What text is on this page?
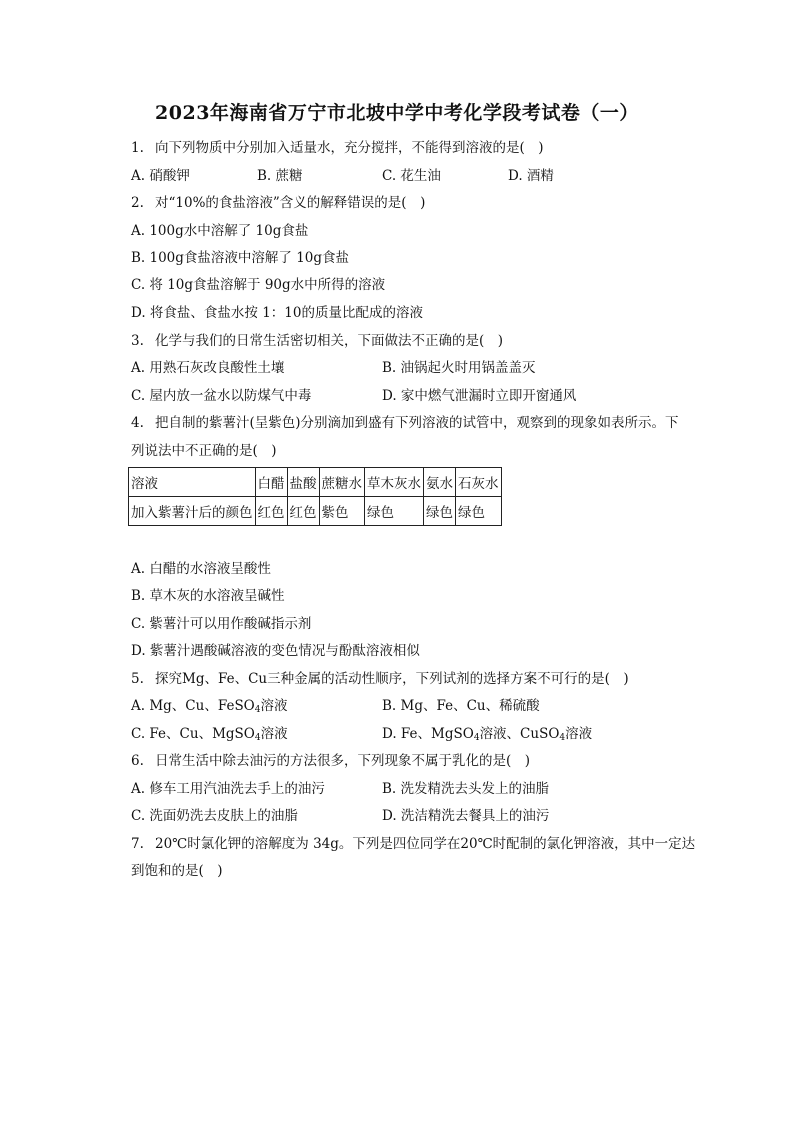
2023年海南省万宁市北坡中学中考化学段考试卷（一）
1. 向下列物质中分别加入适量水，充分搅拌，不能得到溶液的是(　)
A. 硝酸钾	B. 蔗糖	C. 花生油	D. 酒精
2. 对“10%的食盐溶液”含义的解释错误的是(　)
A. 100g水中溶解了 10g食盐
B. 100g食盐溶液中溶解了 10g食盐
C. 将 10g食盐溶解于 90g水中所得的溶液
D. 将食盐、食盐水按 1：10的质量比配成的溶液
3. 化学与我们的日常生活密切相关，下面做法不正确的是(　)
A. 用熟石灰改良酸性土壤	B. 油锅起火时用锅盖盖灭
C. 屋内放一盆水以防煤气中毒	D. 家中燃气泄漏时立即开窗通风
4. 把自制的紫薯汁(呈紫色)分别滴加到盛有下列溶液的试管中，观察到的现象如表所示。下
列说法中不正确的是(　)
溶液	白醋	盐酸	蔗糖水	草木灰水	氨水	石灰水
加入紫薯汁后的颜色	红色	红色	紫色	绿色	绿色	绿色
A. 白醋的水溶液呈酸性
B. 草木灰的水溶液呈碱性
C. 紫薯汁可以用作酸碱指示剂
D. 紫薯汁遇酸碱溶液的变色情况与酚酞溶液相似
5. 探究Mg、Fe、Cu三种金属的活动性顺序，下列试剂的选择方案不可行的是(　)
A. Mg、Cu、FeSO$_4$溶液	B. Mg、Fe、Cu、稀硫酸
C. Fe、Cu、MgSO$_4$溶液	D. Fe、MgSO$_4$溶液、CuSO$_4$溶液
6. 日常生活中除去油污的方法很多，下列现象不属于乳化的是(　)
A. 修车工用汽油洗去手上的油污	B. 洗发精洗去头发上的油脂
C. 洗面奶洗去皮肤上的油脂	D. 洗洁精洗去餐具上的油污
7. 20℃时氯化钾的溶解度为 34g。下列是四位同学在20℃时配制的氯化钾溶液，其中一定达
到饱和的是(　)
